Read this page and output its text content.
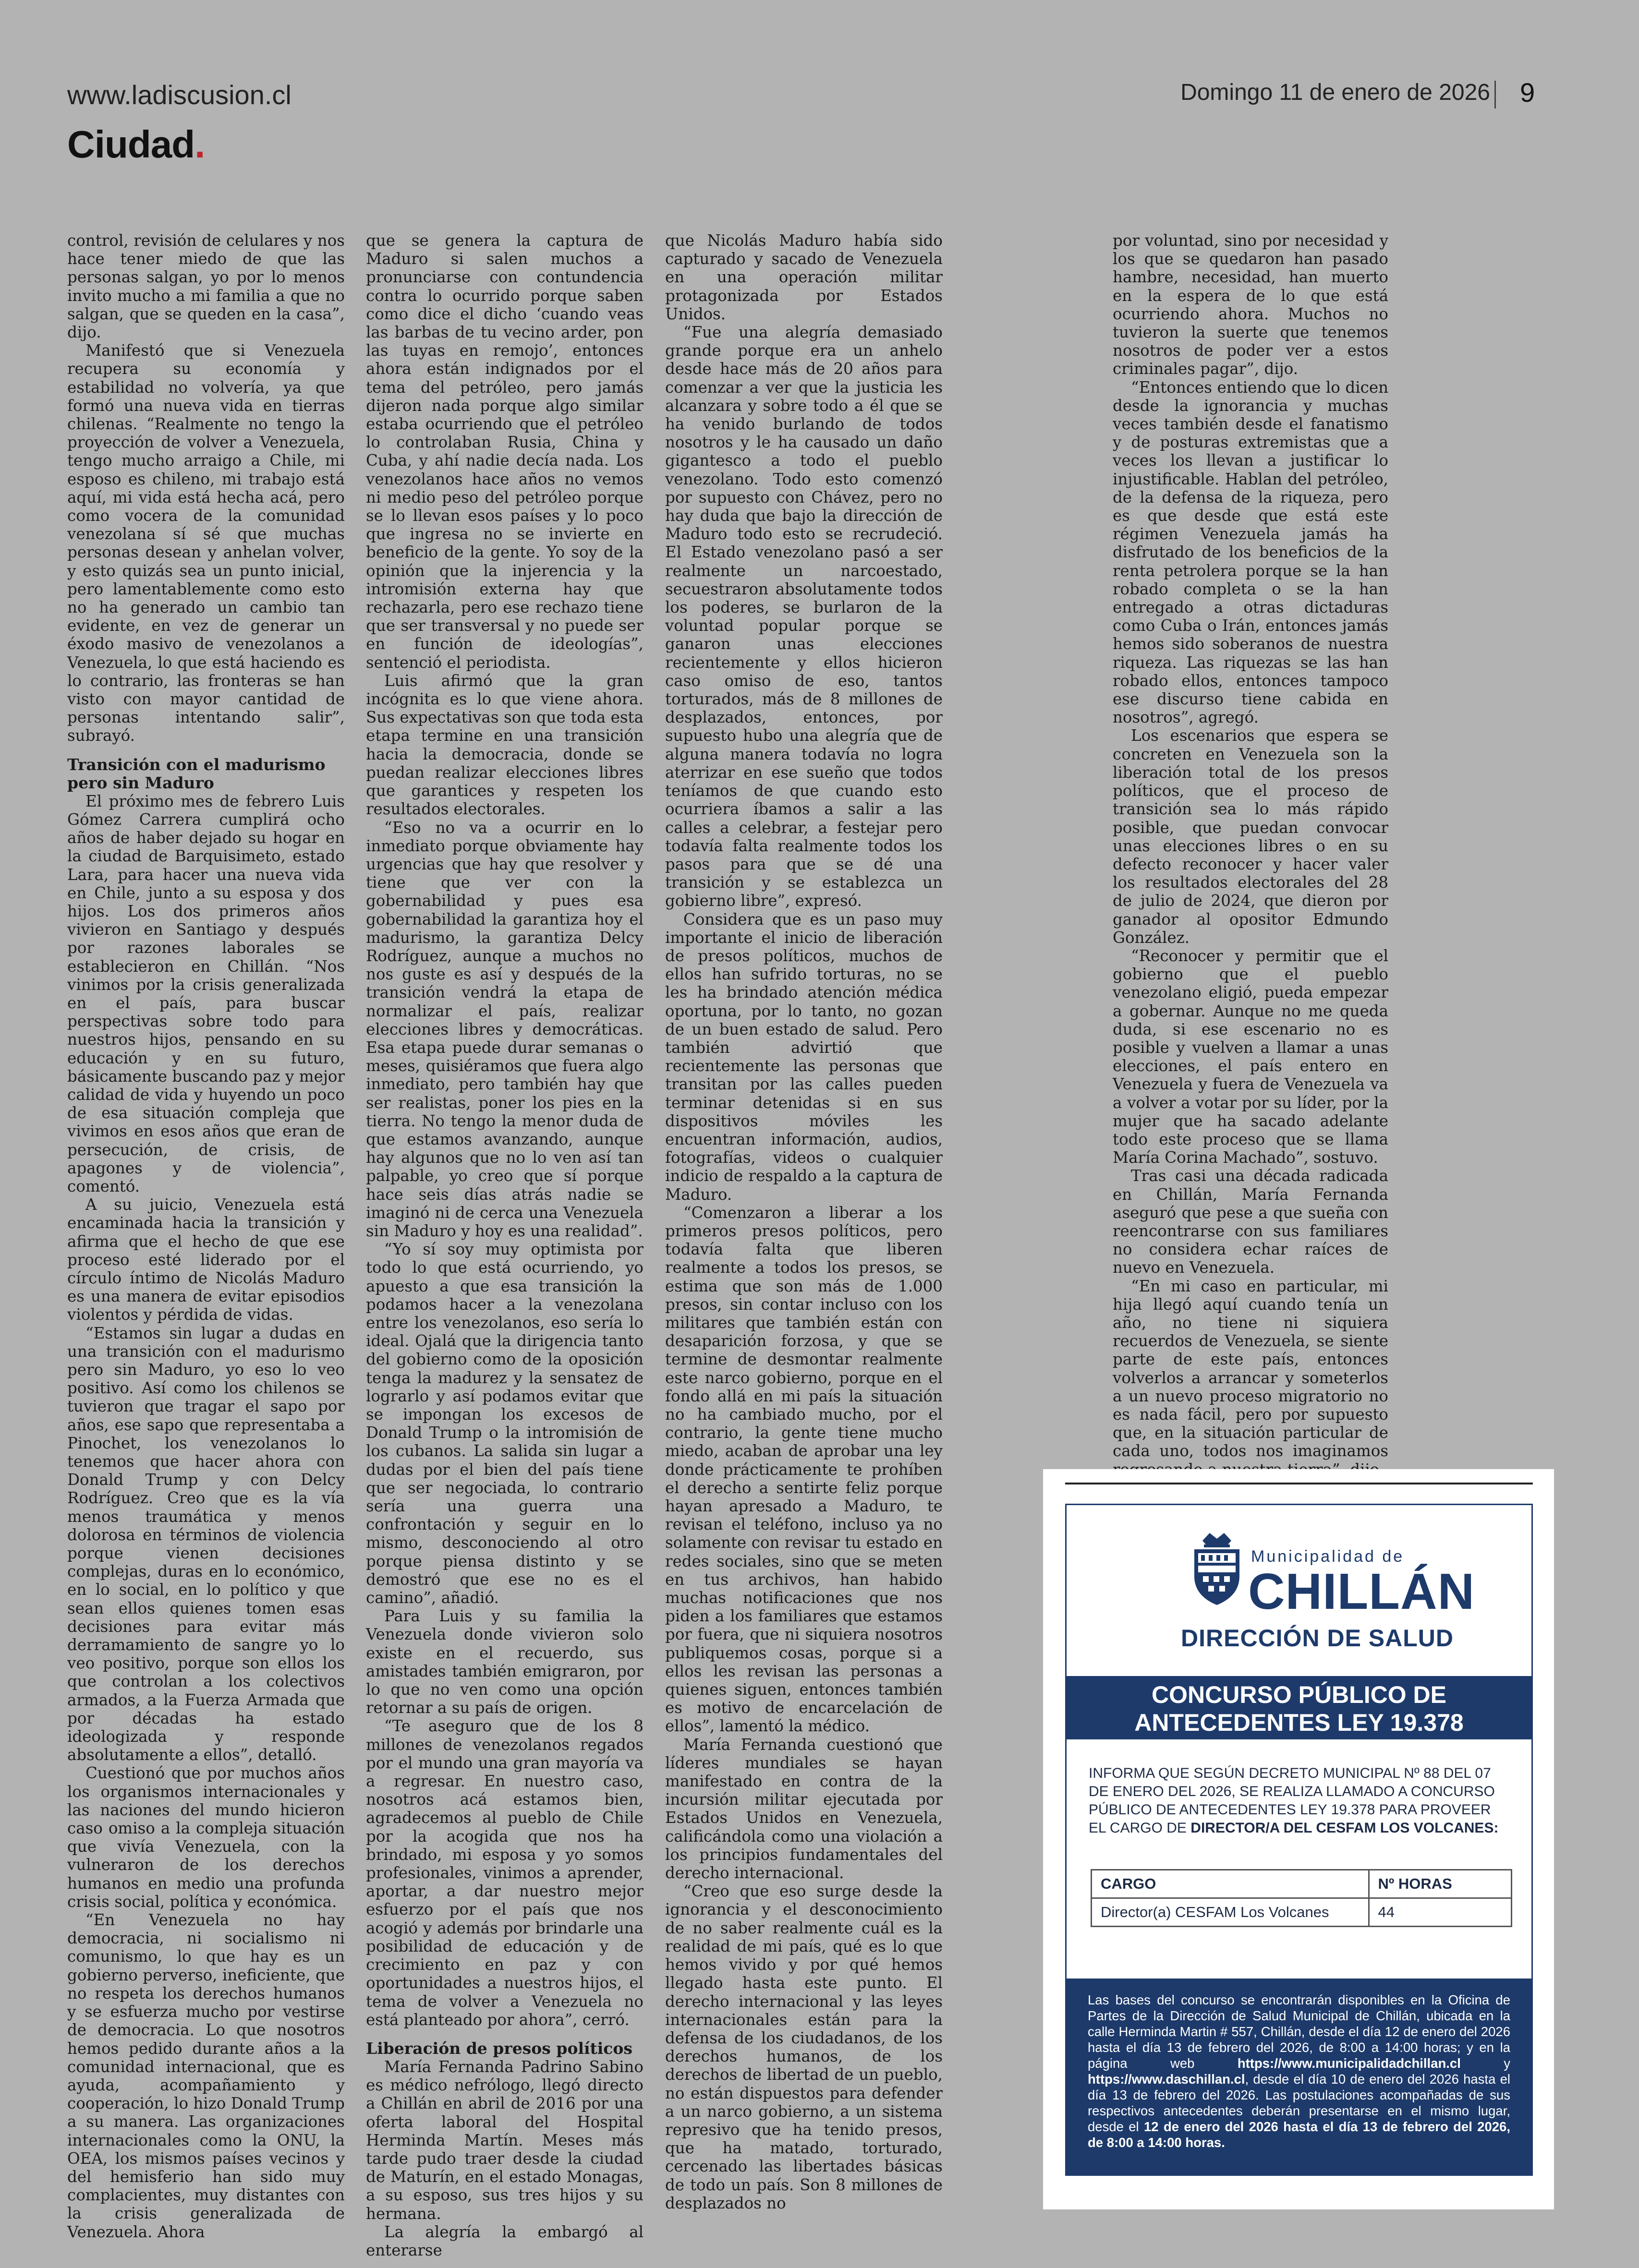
www.ladiscusion.cl
Ciudad.
Domingo 11 de enero de 2026 9

control, revisión de celulares y nos hace tener miedo de que las personas salgan, yo por lo menos invito mucho a mi familia a que no salgan, que se queden en la casa”, dijo.

Manifestó que si Venezuela recupera su economía y estabilidad no volvería, ya que formó una nueva vida en tierras chilenas. “Realmente no tengo la proyección de volver a Venezuela, tengo mucho arraigo a Chile, mi esposo es chileno, mi trabajo está aquí, mi vida está hecha acá, pero como vocera de la comunidad venezolana sí sé que muchas personas desean y anhelan volver, y esto quizás sea un punto inicial, pero lamentablemente como esto no ha generado un cambio tan evidente, en vez de generar un éxodo masivo de venezolanos a Venezuela, lo que está haciendo es lo contrario, las fronteras se han visto con mayor cantidad de personas intentando salir”, subrayó.

Transición con el madurismo pero sin Maduro

El próximo mes de febrero Luis Gómez Carrera cumplirá ocho años de haber dejado su hogar en la ciudad de Barquisimeto, estado Lara, para hacer una nueva vida en Chile, junto a su esposa y dos hijos. Los dos primeros años vivieron en Santiago y después por razones laborales se establecieron en Chillán. “Nos vinimos por la crisis generalizada en el país, para buscar perspectivas sobre todo para nuestros hijos, pensando en su educación y en su futuro, básicamente buscando paz y mejor calidad de vida y huyendo un poco de esa situación compleja que vivimos en esos años que eran de persecución, de crisis, de apagones y de violencia”, comentó.

A su juicio, Venezuela está encaminada hacia la transición y afirma que el hecho de que ese proceso esté liderado por el círculo íntimo de Nicolás Maduro es una manera de evitar episodios violentos y pérdida de vidas.

“Estamos sin lugar a dudas en una transición con el madurismo pero sin Maduro, yo eso lo veo positivo. Así como los chilenos se tuvieron que tragar el sapo por años, ese sapo que representaba a Pinochet, los venezolanos lo tenemos que hacer ahora con Donald Trump y con Delcy Rodríguez. Creo que es la vía menos traumática y menos dolorosa en términos de violencia porque vienen decisiones complejas, duras en lo económico, en lo social, en lo político y que sean ellos quienes tomen esas decisiones para evitar más derramamiento de sangre yo lo veo positivo, porque son ellos los que controlan a los colectivos armados, a la Fuerza Armada que por décadas ha estado ideologizada y responde absolutamente a ellos”, detalló.

Cuestionó que por muchos años los organismos internacionales y las naciones del mundo hicieron caso omiso a la compleja situación que vivía Venezuela, con la vulneraron de los derechos humanos en medio una profunda crisis social, política y económica.

“En Venezuela no hay democracia, ni socialismo ni comunismo, lo que hay es un gobierno perverso, ineficiente, que no respeta los derechos humanos y se esfuerza mucho por vestirse de democracia. Lo que nosotros hemos pedido durante años a la comunidad internacional, que es ayuda, acompañamiento y cooperación, lo hizo Donald Trump a su manera. Las organizaciones internacionales como la ONU, la OEA, los mismos países vecinos y del hemisferio han sido muy complacientes, muy distantes con la crisis generalizada de Venezuela. Ahora

que se genera la captura de Maduro si salen muchos a pronunciarse con contundencia contra lo ocurrido porque saben como dice el dicho ‘cuando veas las barbas de tu vecino arder, pon las tuyas en remojo’, entonces ahora están indignados por el tema del petróleo, pero jamás dijeron nada porque algo similar estaba ocurriendo que el petróleo lo controlaban Rusia, China y Cuba, y ahí nadie decía nada. Los venezolanos hace años no vemos ni medio peso del petróleo porque se lo llevan esos países y lo poco que ingresa no se invierte en beneficio de la gente. Yo soy de la opinión que la injerencia y la intromisión externa hay que rechazarla, pero ese rechazo tiene que ser transversal y no puede ser en función de ideologías”, sentenció el periodista.

Luis afirmó que la gran incógnita es lo que viene ahora. Sus expectativas son que toda esta etapa termine en una transición hacia la democracia, donde se puedan realizar elecciones libres que garantices y respeten los resultados electorales.

“Eso no va a ocurrir en lo inmediato porque obviamente hay urgencias que hay que resolver y tiene que ver con la gobernabilidad y pues esa gobernabilidad la garantiza hoy el madurismo, la garantiza Delcy Rodríguez, aunque a muchos no nos guste es así y después de la transición vendrá la etapa de normalizar el país, realizar elecciones libres y democráticas. Esa etapa puede durar semanas o meses, quisiéramos que fuera algo inmediato, pero también hay que ser realistas, poner los pies en la tierra. No tengo la menor duda de que estamos avanzando, aunque hay algunos que no lo ven así tan palpable, yo creo que sí porque hace seis días atrás nadie se imaginó ni de cerca una Venezuela sin Maduro y hoy es una realidad”.

“Yo sí soy muy optimista por todo lo que está ocurriendo, yo apuesto a que esa transición la podamos hacer a la venezolana entre los venezolanos, eso sería lo ideal. Ojalá que la dirigencia tanto del gobierno como de la oposición tenga la madurez y la sensatez de lograrlo y así podamos evitar que se impongan los excesos de Donald Trump o la intromisión de los cubanos. La salida sin lugar a dudas por el bien del país tiene que ser negociada, lo contrario sería una guerra una confrontación y seguir en lo mismo, desconociendo al otro porque piensa distinto y se demostró que ese no es el camino”, añadió.

Para Luis y su familia la Venezuela donde vivieron solo existe en el recuerdo, sus amistades también emigraron, por lo que no ven como una opción retornar a su país de origen.

“Te aseguro que de los 8 millones de venezolanos regados por el mundo una gran mayoría va a regresar. En nuestro caso, nosotros acá estamos bien, agradecemos al pueblo de Chile por la acogida que nos ha brindado, mi esposa y yo somos profesionales, vinimos a aprender, aportar, a dar nuestro mejor esfuerzo por el país que nos acogió y además por brindarle una posibilidad de educación y de crecimiento en paz y con oportunidades a nuestros hijos, el tema de volver a Venezuela no está planteado por ahora”, cerró.

Liberación de presos políticos

María Fernanda Padrino Sabino es médico nefrólogo, llegó directo a Chillán en abril de 2016 por una oferta laboral del Hospital Herminda Martín. Meses más tarde pudo traer desde la ciudad de Maturín, en el estado Monagas, a su esposo, sus tres hijos y su hermana.

La alegría la embargó al enterarse

que Nicolás Maduro había sido capturado y sacado de Venezuela en una operación militar protagonizada por Estados Unidos.

“Fue una alegría demasiado grande porque era un anhelo desde hace más de 20 años para comenzar a ver que la justicia les alcanzara y sobre todo a él que se ha venido burlando de todos nosotros y le ha causado un daño gigantesco a todo el pueblo venezolano. Todo esto comenzó por supuesto con Chávez, pero no hay duda que bajo la dirección de Maduro todo esto se recrudeció. El Estado venezolano pasó a ser realmente un narcoestado, secuestraron absolutamente todos los poderes, se burlaron de la voluntad popular porque se ganaron unas elecciones recientemente y ellos hicieron caso omiso de eso, tantos torturados, más de 8 millones de desplazados, entonces, por supuesto hubo una alegría que de alguna manera todavía no logra aterrizar en ese sueño que todos teníamos de que cuando esto ocurriera íbamos a salir a las calles a celebrar, a festejar pero todavía falta realmente todos los pasos para que se dé una transición y se establezca un gobierno libre”, expresó.

Considera que es un paso muy importante el inicio de liberación de presos políticos, muchos de ellos han sufrido torturas, no se les ha brindado atención médica oportuna, por lo tanto, no gozan de un buen estado de salud. Pero también advirtió que recientemente las personas que transitan por las calles pueden terminar detenidas si en sus dispositivos móviles les encuentran información, audios, fotografías, videos o cualquier indicio de respaldo a la captura de Maduro.

“Comenzaron a liberar a los primeros presos políticos, pero todavía falta que liberen realmente a todos los presos, se estima que son más de 1.000 presos, sin contar incluso con los militares que también están con desaparición forzosa, y que se termine de desmontar realmente este narco gobierno, porque en el fondo allá en mi país la situación no ha cambiado mucho, por el contrario, la gente tiene mucho miedo, acaban de aprobar una ley donde prácticamente te prohíben el derecho a sentirte feliz porque hayan apresado a Maduro, te revisan el teléfono, incluso ya no solamente con revisar tu estado en redes sociales, sino que se meten en tus archivos, han habido muchas notificaciones que nos piden a los familiares que estamos por fuera, que ni siquiera nosotros publiquemos cosas, porque si a ellos les revisan las personas a quienes siguen, entonces también es motivo de encarcelación de ellos”, lamentó la médico.

María Fernanda cuestionó que líderes mundiales se hayan manifestado en contra de la incursión militar ejecutada por Estados Unidos en Venezuela, calificándola como una violación a los principios fundamentales del derecho internacional.

“Creo que eso surge desde la ignorancia y el desconocimiento de no saber realmente cuál es la realidad de mi país, qué es lo que hemos vivido y por qué hemos llegado hasta este punto. El derecho internacional y las leyes internacionales están para la defensa de los ciudadanos, de los derechos humanos, de los derechos de libertad de un pueblo, no están dispuestos para defender a un narco gobierno, a un sistema represivo que ha tenido presos, que ha matado, torturado, cercenado las libertades básicas de todo un país. Son 8 millones de desplazados no

por voluntad, sino por necesidad y los que se quedaron han pasado hambre, necesidad, han muerto en la espera de lo que está ocurriendo ahora. Muchos no tuvieron la suerte que tenemos nosotros de poder ver a estos criminales pagar”, dijo.

“Entonces entiendo que lo dicen desde la ignorancia y muchas veces también desde el fanatismo y de posturas extremistas que a veces los llevan a justificar lo injustificable. Hablan del petróleo, de la defensa de la riqueza, pero es que desde que está este régimen Venezuela jamás ha disfrutado de los beneficios de la renta petrolera porque se la han robado completa o se la han entregado a otras dictaduras como Cuba o Irán, entonces jamás hemos sido soberanos de nuestra riqueza. Las riquezas se las han robado ellos, entonces tampoco ese discurso tiene cabida en nosotros”, agregó.

Los escenarios que espera se concreten en Venezuela son la liberación total de los presos políticos, que el proceso de transición sea lo más rápido posible, que puedan convocar unas elecciones libres o en su defecto reconocer y hacer valer los resultados electorales del 28 de julio de 2024, que dieron por ganador al opositor Edmundo González.

“Reconocer y permitir que el gobierno que el pueblo venezolano eligió, pueda empezar a gobernar. Aunque no me queda duda, si ese escenario no es posible y vuelven a llamar a unas elecciones, el país entero en Venezuela y fuera de Venezuela va a volver a votar por su líder, por la mujer que ha sacado adelante todo este proceso que se llama María Corina Machado”, sostuvo.

Tras casi una década radicada en Chillán, María Fernanda aseguró que pese a que sueña con reencontrarse con sus familiares no considera echar raíces de nuevo en Venezuela.

“En mi caso en particular, mi hija llegó aquí cuando tenía un año, no tiene ni siquiera recuerdos de Venezuela, se siente parte de este país, entonces volverlos a arrancar y someterlos a un nuevo proceso migratorio no es nada fácil, pero por supuesto que, en la situación particular de cada uno, todos nos imaginamos

Municipalidad de
CHILLÁN
DIRECCIÓN DE SALUD
CONCURSO PÚBLICO DE
ANTECEDENTES LEY 19.378
INFORMA QUE SEGÚN DECRETO MUNICIPAL Nº 88 DEL 07 DE ENERO DEL 2026, SE REALIZA LLAMADO A CONCURSO PÚBLICO DE ANTECEDENTES LEY 19.378 PARA PROVEER EL CARGO DE DIRECTOR/A DEL CESFAM LOS VOLCANES:
CARGO	Nº HORAS
Director(a) CESFAM Los Volcanes	44
Las bases del concurso se encontrarán disponibles en la Oficina de Partes de la Dirección de Salud Municipal de Chillán, ubicada en la calle Herminda Martin # 557, Chillán, desde el día 12 de enero del 2026 hasta el día 13 de febrero del 2026, de 8:00 a 14:00 horas; y en la página web	https://www.municipalidadchillan.cl	y https://www.daschillan.cl, desde el día 10 de enero del 2026 hasta el día 13 de febrero del 2026. Las postulaciones acompañadas de sus respectivos antecedentes deberán presentarse en el mismo lugar, desde el 12 de enero del 2026 hasta el día 13 de febrero del 2026, de 8:00 a 14:00 horas.
